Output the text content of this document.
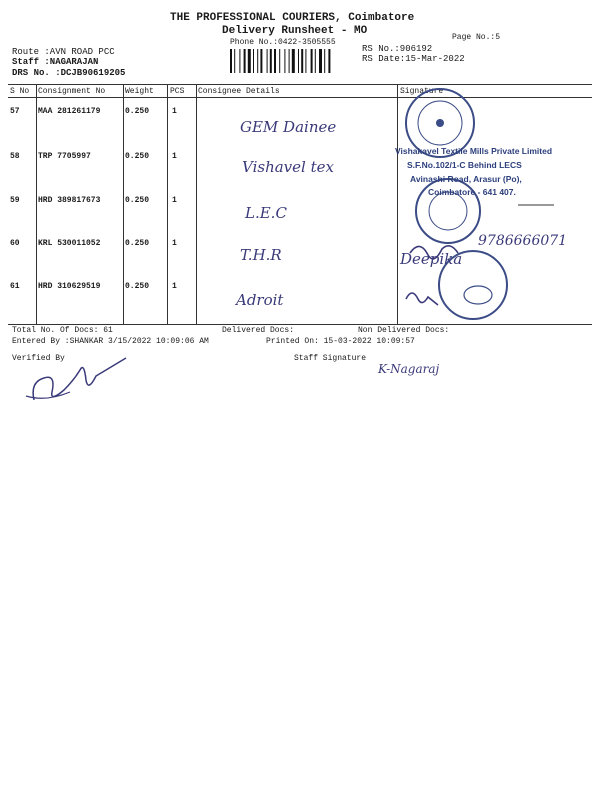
THE PROFESSIONAL COURIERS, Coimbatore
Delivery Runsheet - MO
Phone No.:0422-3505555
Page No.:5
Route :AVN ROAD PCC
Staff :NAGARAJAN
DRS No. :DCJB90619205
RS No.:906192
RS Date:15-Mar-2022
S No Consignment No Weight PCS Consignee Details	Signature
57 MAA 281261179	0.250	1
GEM Dainee
58 TRP 7705997	0.250	1
Vishavel tex
59 HRD 389817673	0.250	1
L.E.C
60 KRL 530011052	0.250	1
T.H.R
61 HRD 310629519	0.250	1
Adroit
Vishakavel Textile Mills Private Limited
S.F.No.102/1-C Behind LECS
Avinashi Road, Arasur (Po),
Coimbatore - 641 407.
9786666071
Deepika
Total No. Of Docs: 61	Delivered Docs:	Non Delivered Docs:
Entered By :SHANKAR 3/15/2022 10:09:06 AM	Printed On: 15-03-2022 10:09:57
Verified By	Staff Signature
K-Nagaraj
